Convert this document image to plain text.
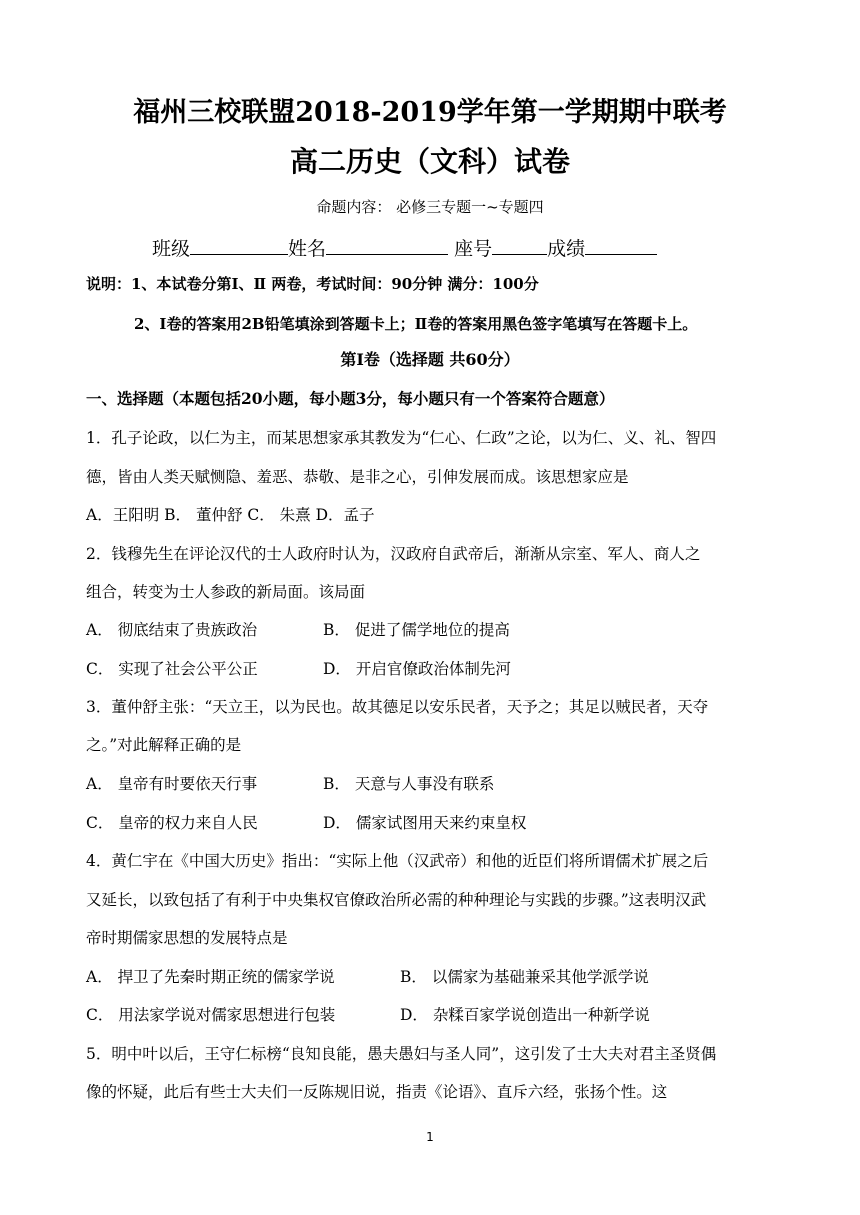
福州三校联盟2018-2019学年第一学期期中联考
高二历史（文科）试卷
命题内容： 必修三专题一~专题四
班级	姓名	座号	成绩
说明：1、本试卷分第Ⅰ、Ⅱ 两卷，考试时间：90分钟 满分：100分
2、Ⅰ卷的答案用2B铅笔填涂到答题卡上；Ⅱ卷的答案用黑色签字笔填写在答题卡上。
第Ⅰ卷（选择题 共60分）
一、选择题（本题包括20小题，每小题3分，每小题只有一个答案符合题意）
1．孔子论政，以仁为主，而某思想家承其教发为“仁心、仁政”之论，以为仁、义、礼、智四
德，皆由人类天赋恻隐、羞恶、恭敬、是非之心，引伸发展而成。该思想家应是
A．王阳明 B． 董仲舒 C． 朱熹 D．孟子
2．钱穆先生在评论汉代的士人政府时认为，汉政府自武帝后，渐渐从宗室、军人、商人之
组合，转变为士人参政的新局面。该局面
A． 彻底结束了贵族政治	B． 促进了儒学地位的提高
C． 实现了社会公平公正	D． 开启官僚政治体制先河
3．董仲舒主张：“天立王，以为民也。故其德足以安乐民者，天予之；其足以贼民者，天夺
之。”对此解释正确的是
A． 皇帝有时要依天行事	B． 天意与人事没有联系
C． 皇帝的权力来自人民	D． 儒家试图用天来约束皇权
4．黄仁宇在《中国大历史》指出：“实际上他（汉武帝）和他的近臣们将所谓儒术扩展之后
又延长，以致包括了有利于中央集权官僚政治所必需的种种理论与实践的步骤。”这表明汉武
帝时期儒家思想的发展特点是
A． 捍卫了先秦时期正统的儒家学说	B． 以儒家为基础兼采其他学派学说
C． 用法家学说对儒家思想进行包装	D． 杂糅百家学说创造出一种新学说
5．明中叶以后，王守仁标榜“良知良能，愚夫愚妇与圣人同”，这引发了士大夫对君主圣贤偶
像的怀疑，此后有些士大夫们一反陈规旧说，指责《论语》、直斥六经，张扬个性。这
1
